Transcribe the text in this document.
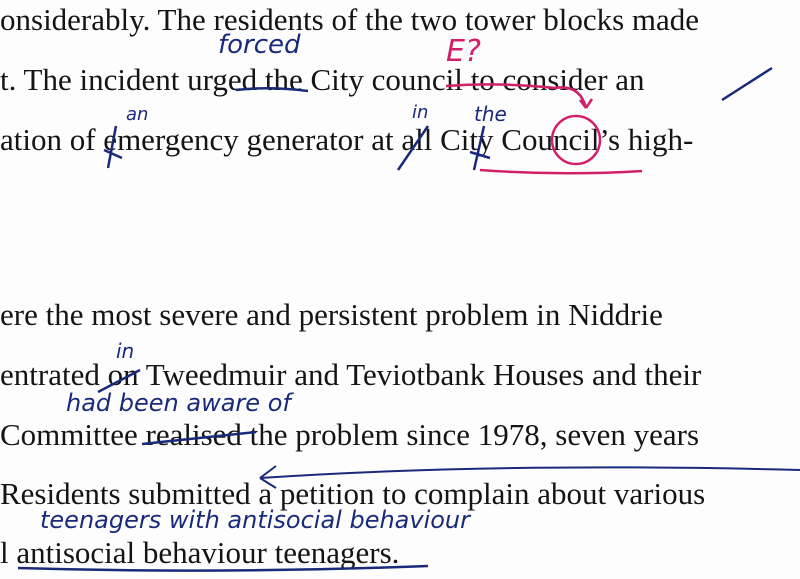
onsiderably. The residents of the two tower blocks made
t. The incident urged the City council to consider an
ation of emergency generator at all City Council’s high-
ere the most severe and persistent problem in Niddrie
entrated on Tweedmuir and Teviotbank Houses and their
Committee realised the problem since 1978, seven years
Residents submitted a petition to complain about various
l antisocial behaviour teenagers.
forced	E?
an	in the
in
had been aware of
teenagers with antisocial behaviour
